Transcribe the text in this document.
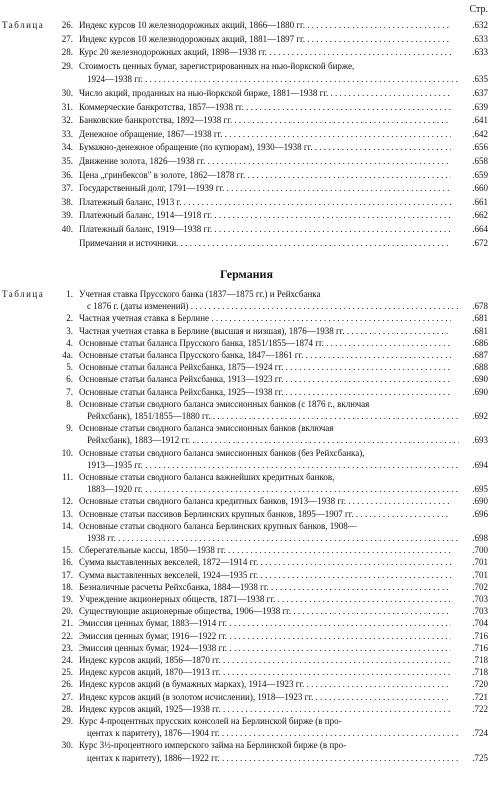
Стр.
Таблица 26. Индекс курсов 10 железнодорожных акций, 1866—1880 гг. . . .	.632
27. Индекс курсов 10 железнодорожных акций, 1881—1897 гг. . . .	.633
28. Курс 20 железнодорожных акций, 1898—1938 гг. . . .	.633
29. Стоимость ценных бумаг, зарегистрированных на нью-йоркской бирже,
1924—1938 гг. . . .	.635
30. Число акций, проданных на нью-йоркской бирже, 1881—1938 гг. . . .	.637
31. Коммерческие банкротства, 1857—1938 гг. . . .	.639
32. Банковские банкротства, 1892—1938 гг. . . .	.641
33. Денежное обращение, 1867—1938 гг. . . .	.642
34. Бумажно-денежное обращение (по купюрам), 1930—1938 гг. . . .	.656
35. Движение золота, 1826—1938 гг. . . .	.658
36. Цена „гринбексов" в золоте, 1862—1878 гг. . . .	.659
37. Государственный долг, 1791—1939 гг. . . .	.660
38. Платежный баланс, 1913 г. . . .	.661
39. Платежный баланс, 1914—1918 гг. . . .	.662
40. Платежный баланс, 1919—1938 гг. . . .	.664
Примечания и источники. . . .	.672
Германия
Таблица 1. Учетная ставка Прусского банка (1837—1875 гг.) и Рейхсбанка
с 1876 г. (даты изменений) . . .	.678
2. Частная учетная ставка в Берлине . . .	.681
3. Частная учетная ставка в Берлине (высшая и низшая), 1876—1938 гг. . . .	.681
4. Основные статьи баланса Прусского банка, 1851/1855—1874 гг. . . .	.686
4а. Основные статьи баланса Прусского банка, 1847—1861 гг. . . .	.687
5. Основные статьи баланса Рейхсбанка, 1875—1924 гг. . . .	.688
6. Основные статьи баланса Рейхсбанка, 1913—1923 гг. . . .	.690
7. Основные статьи баланса Рейхсбанка, 1925—1938 гг. . . .	.690
8. Основные статьи сводного баланса эмиссионных банков (с 1876 г., включая
Рейхсбанк), 1851/1855—1880 гг. . . .	.692
9. Основные статьи сводного баланса эмиссионных банков (включая
Рейхсбанк), 1883—1912 гг. . . .	.693
10. Основные статьи сводного баланса эмиссионных банков (без Рейхсбанка),
1913—1935 гг. . . .	.694
11. Основные статьи сводного баланса важнейших кредитных банков,
1883—1920 гг. . . .	.695
12. Основные статьи сводного баланса кредитных банков, 1913—1938 гг. . . .	.690
13. Основные статьи пассивов Берлинских крупных банков, 1895—1907 гг. . . .	.696
14. Основные статьи сводного баланса Берлинских крупных банков, 1908—
1938 гг. . . .	.698
15. Сберегательные кассы, 1850—1938 гг. . . .	.700
16. Сумма выставленных векселей, 1872—1914 гг. . . .	.701
17. Сумма выставленных векселей, 1924—1935 гг. . . .	.701
18. Безналичные расчеты Рейхсбанка, 1884—1938 гг. . . .	.702
19. Учреждение акционерных обществ, 1871—1938 гг. . . .	.703
20. Существующие акционерные общества, 1906—1938 гг. . . .	.703
21. Эмиссия ценных бумаг, 1883—1914 гг. . . .	.704
22. Эмиссия ценных бумаг, 1916—1922 гг. . . .	.716
23. Эмиссия ценных бумаг, 1924—1938 гг. . . .	.716
24. Индекс курсов акций, 1856—1870 гг. . . .	.718
25. Индекс курсов акций, 1870—1913 гг. . . .	.718
26. Индекс курсов акций (в бумажных марках), 1914—1923 гг. . . .	.720
27. Индекс курсов акций (в золотом исчислении), 1918—1923 гг. . . .	.721
28. Индекс курсов акций, 1925—1938 гг. . . .	.722
29. Курс 4-процентных прусских консолей на Берлинской бирже (в про-
центах к паритету), 1876—1904 гг. . . .	.724
30. Курс 3½-процентного имперского займа на Берлинской бирже (в про-
центах к паритету), 1886—1922 гг. . . .	.725
